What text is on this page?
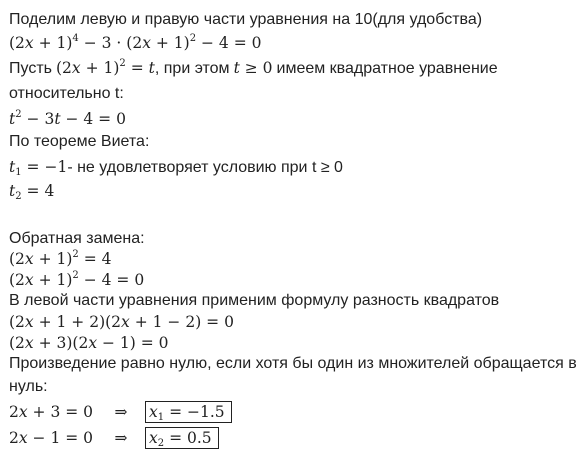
Поделим левую и правую части уравнения на 10(для удобства)
$(2x + 1)^4 - 3 \cdot (2x + 1)^2 - 4 = 0$
Пусть $(2x + 1)^2 = t$, при этом t ≥ 0 имеем квадратное уравнение
относительно t:
$t^2 - 3t - 4 = 0$
По теореме Виета:
$t_1 = -1-$ не удовлетворяет условию при t ≥ 0
$t_2 = 4$
Обратная замена:
$(2x + 1)^2 = 4$
$(2x + 1)^2 - 4 = 0$
В левой части уравнения применим формулу разность квадратов
(2x + 1 + 2)(2x + 1 − 2) = 0
(2x + 3)(2x − 1) = 0
Произведение равно нулю, если хотя бы один из множителей обращается в
нуль:
2x + 3 = 0 ⇒ $x_1 = -1.5$
2x − 1 = 0 ⇒ $x_2 = 0.5$
